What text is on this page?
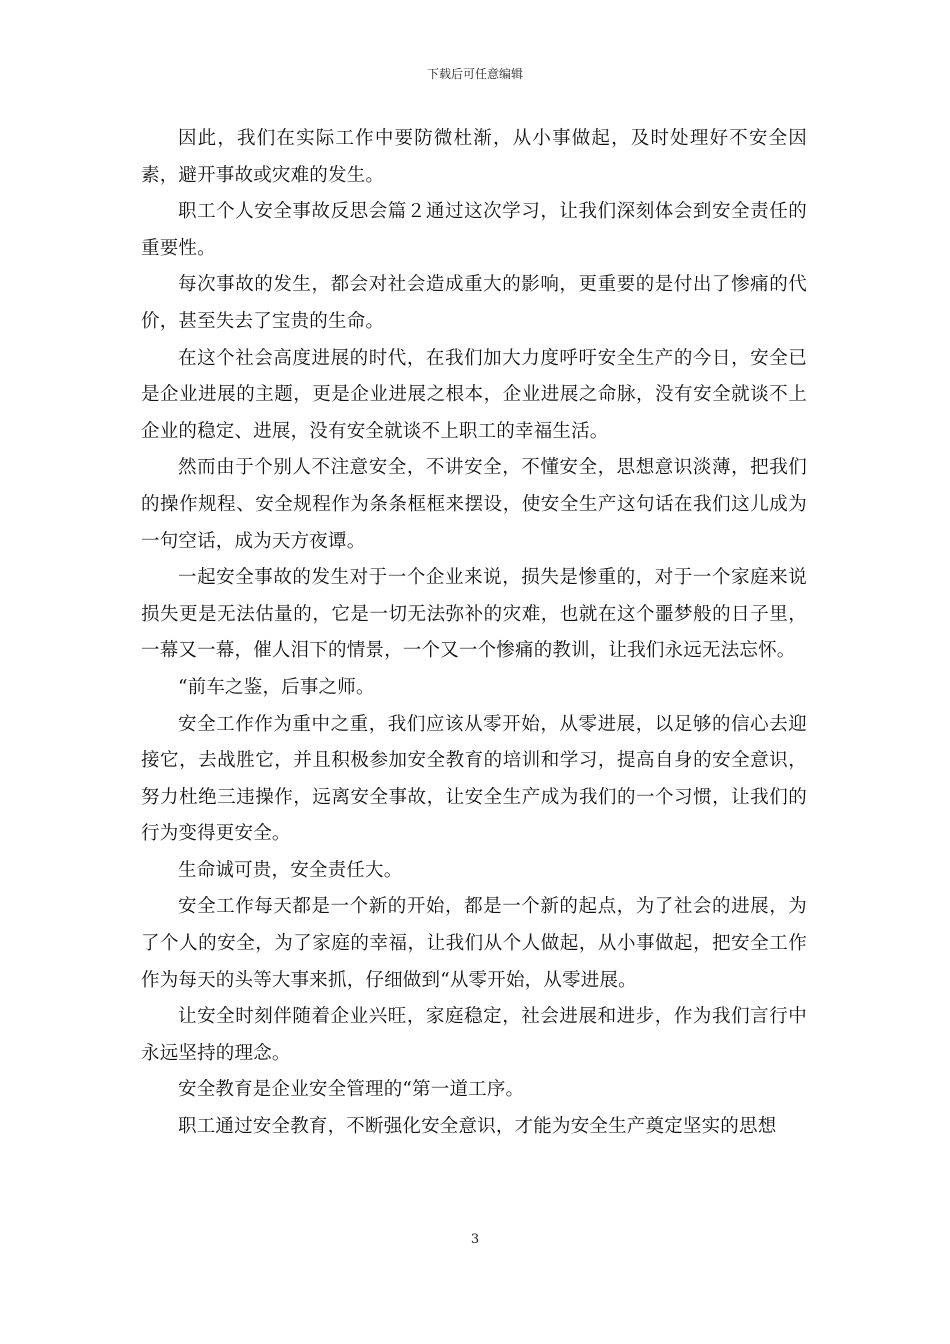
下载后可任意编辑

因此，我们在实际工作中要防微杜渐，从小事做起，及时处理好不安全因素，避开事故或灾难的发生。

职工个人安全事故反思会篇２通过这次学习，让我们深刻体会到安全责任的重要性。

每次事故的发生，都会对社会造成重大的影响，更重要的是付出了惨痛的代价，甚至失去了宝贵的生命。

在这个社会高度进展的时代，在我们加大力度呼吁安全生产的今日，安全已是企业进展的主题，更是企业进展之根本，企业进展之命脉，没有安全就谈不上企业的稳定、进展，没有安全就谈不上职工的幸福生活。

然而由于个别人不注意安全，不讲安全，不懂安全，思想意识淡薄，把我们的操作规程、安全规程作为条条框框来摆设，使安全生产这句话在我们这儿成为一句空话，成为天方夜谭。

一起安全事故的发生对于一个企业来说，损失是惨重的，对于一个家庭来说损失更是无法估量的，它是一切无法弥补的灾难，也就在这个噩梦般的日子里，一幕又一幕，催人泪下的情景，一个又一个惨痛的教训，让我们永远无法忘怀。

“前车之鉴，后事之师。

安全工作作为重中之重，我们应该从零开始，从零进展，以足够的信心去迎接它，去战胜它，并且积极参加安全教育的培训和学习，提高自身的安全意识，努力杜绝三违操作，远离安全事故，让安全生产成为我们的一个习惯，让我们的行为变得更安全。

生命诚可贵，安全责任大。

安全工作每天都是一个新的开始，都是一个新的起点，为了社会的进展，为了个人的安全，为了家庭的幸福，让我们从个人做起，从小事做起，把安全工作作为每天的头等大事来抓，仔细做到“从零开始，从零进展。

让安全时刻伴随着企业兴旺，家庭稳定，社会进展和进步，作为我们言行中永远坚持的理念。

安全教育是企业安全管理的“第一道工序。

职工通过安全教育，不断强化安全意识，才能为安全生产奠定坚实的思想

3
